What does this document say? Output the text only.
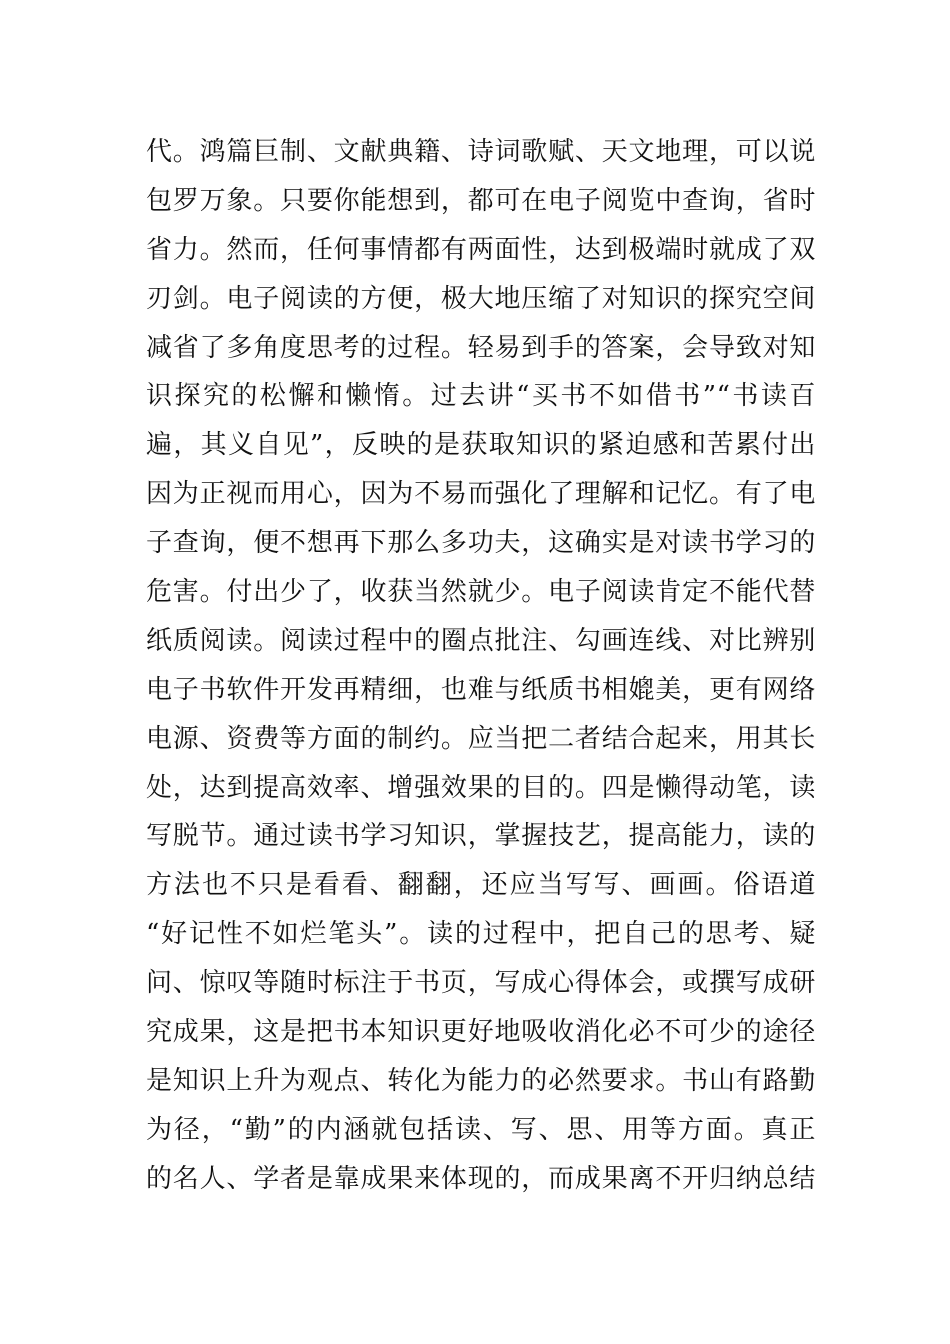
代。鸿篇巨制、文献典籍、诗词歌赋、天文地理，可以说
包罗万象。只要你能想到，都可在电子阅览中查询，省时
省力。然而，任何事情都有两面性，达到极端时就成了双
刃剑。电子阅读的方便，极大地压缩了对知识的探究空间
减省了多角度思考的过程。轻易到手的答案，会导致对知
识探究的松懈和懒惰。过去讲“买书不如借书”“书读百
遍，其义自见”，反映的是获取知识的紧迫感和苦累付出
因为正视而用心，因为不易而强化了理解和记忆。有了电
子查询，便不想再下那么多功夫，这确实是对读书学习的
危害。付出少了，收获当然就少。电子阅读肯定不能代替
纸质阅读。阅读过程中的圈点批注、勾画连线、对比辨别
电子书软件开发再精细，也难与纸质书相媲美，更有网络
电源、资费等方面的制约。应当把二者结合起来，用其长
处，达到提高效率、增强效果的目的。四是懒得动笔，读
写脱节。通过读书学习知识，掌握技艺，提高能力，读的
方法也不只是看看、翻翻，还应当写写、画画。俗语道
“好记性不如烂笔头”。读的过程中，把自己的思考、疑
问、惊叹等随时标注于书页，写成心得体会，或撰写成研
究成果，这是把书本知识更好地吸收消化必不可少的途径
是知识上升为观点、转化为能力的必然要求。书山有路勤
为径，“勤”的内涵就包括读、写、思、用等方面。真正
的名人、学者是靠成果来体现的，而成果离不开归纳总结
